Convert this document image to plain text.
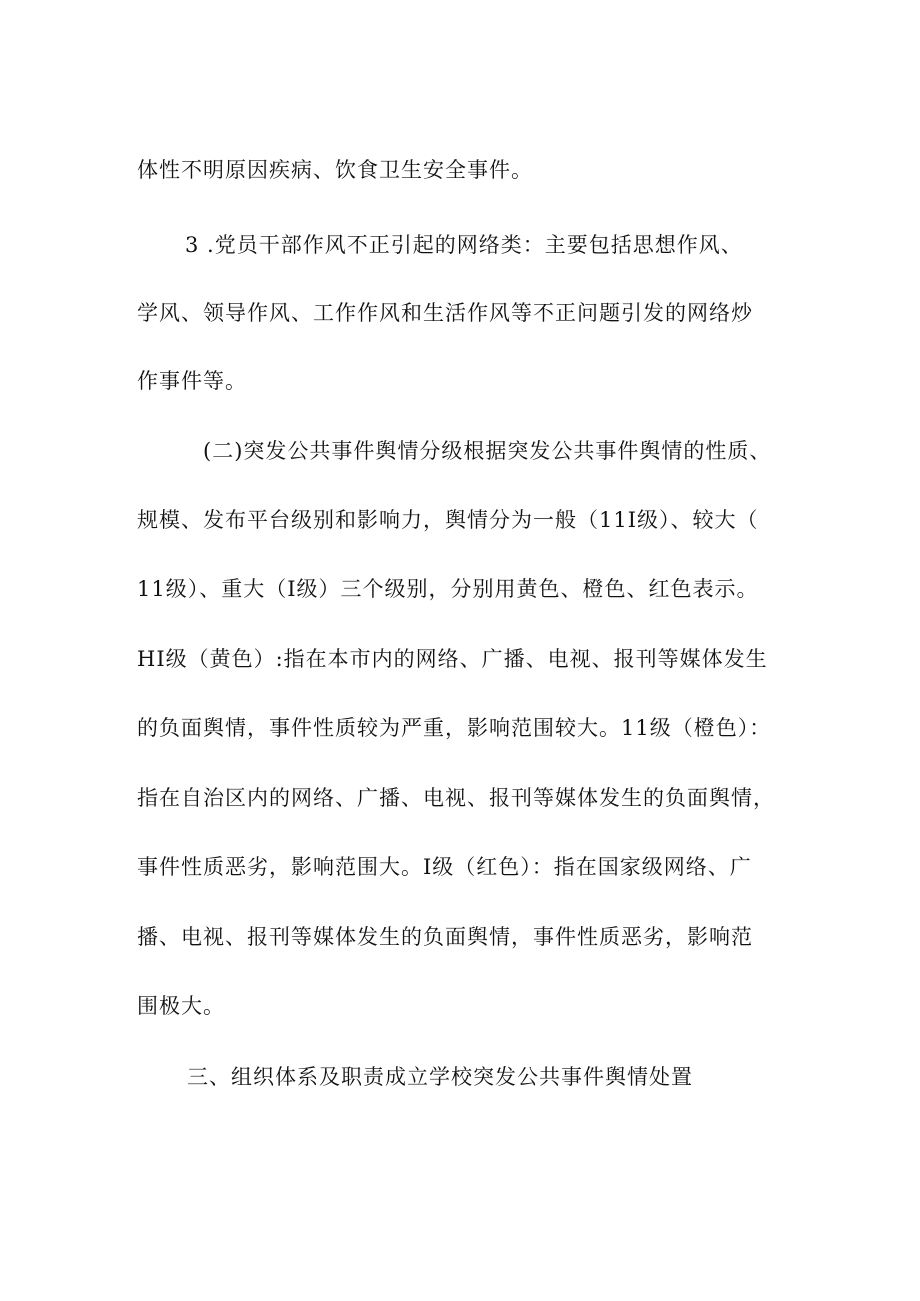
体性不明原因疾病、饮食卫生安全事件。
3 .党员干部作风不正引起的网络类：主要包括思想作风、
学风、领导作风、工作作风和生活作风等不正问题引发的网络炒
作事件等。
(二)突发公共事件舆情分级根据突发公共事件舆情的性质、
规模、发布平台级别和影响力，舆情分为一般（11I级）、较大（
11级）、重大（I级）三个级别，分别用黄色、橙色、红色表示。
HI级（黄色）:指在本市内的网络、广播、电视、报刊等媒体发生
的负面舆情，事件性质较为严重，影响范围较大。11级（橙色）：
指在自治区内的网络、广播、电视、报刊等媒体发生的负面舆情，
事件性质恶劣，影响范围大。I级（红色）：指在国家级网络、广
播、电视、报刊等媒体发生的负面舆情，事件性质恶劣，影响范
围极大。
三、组织体系及职责成立学校突发公共事件舆情处置
